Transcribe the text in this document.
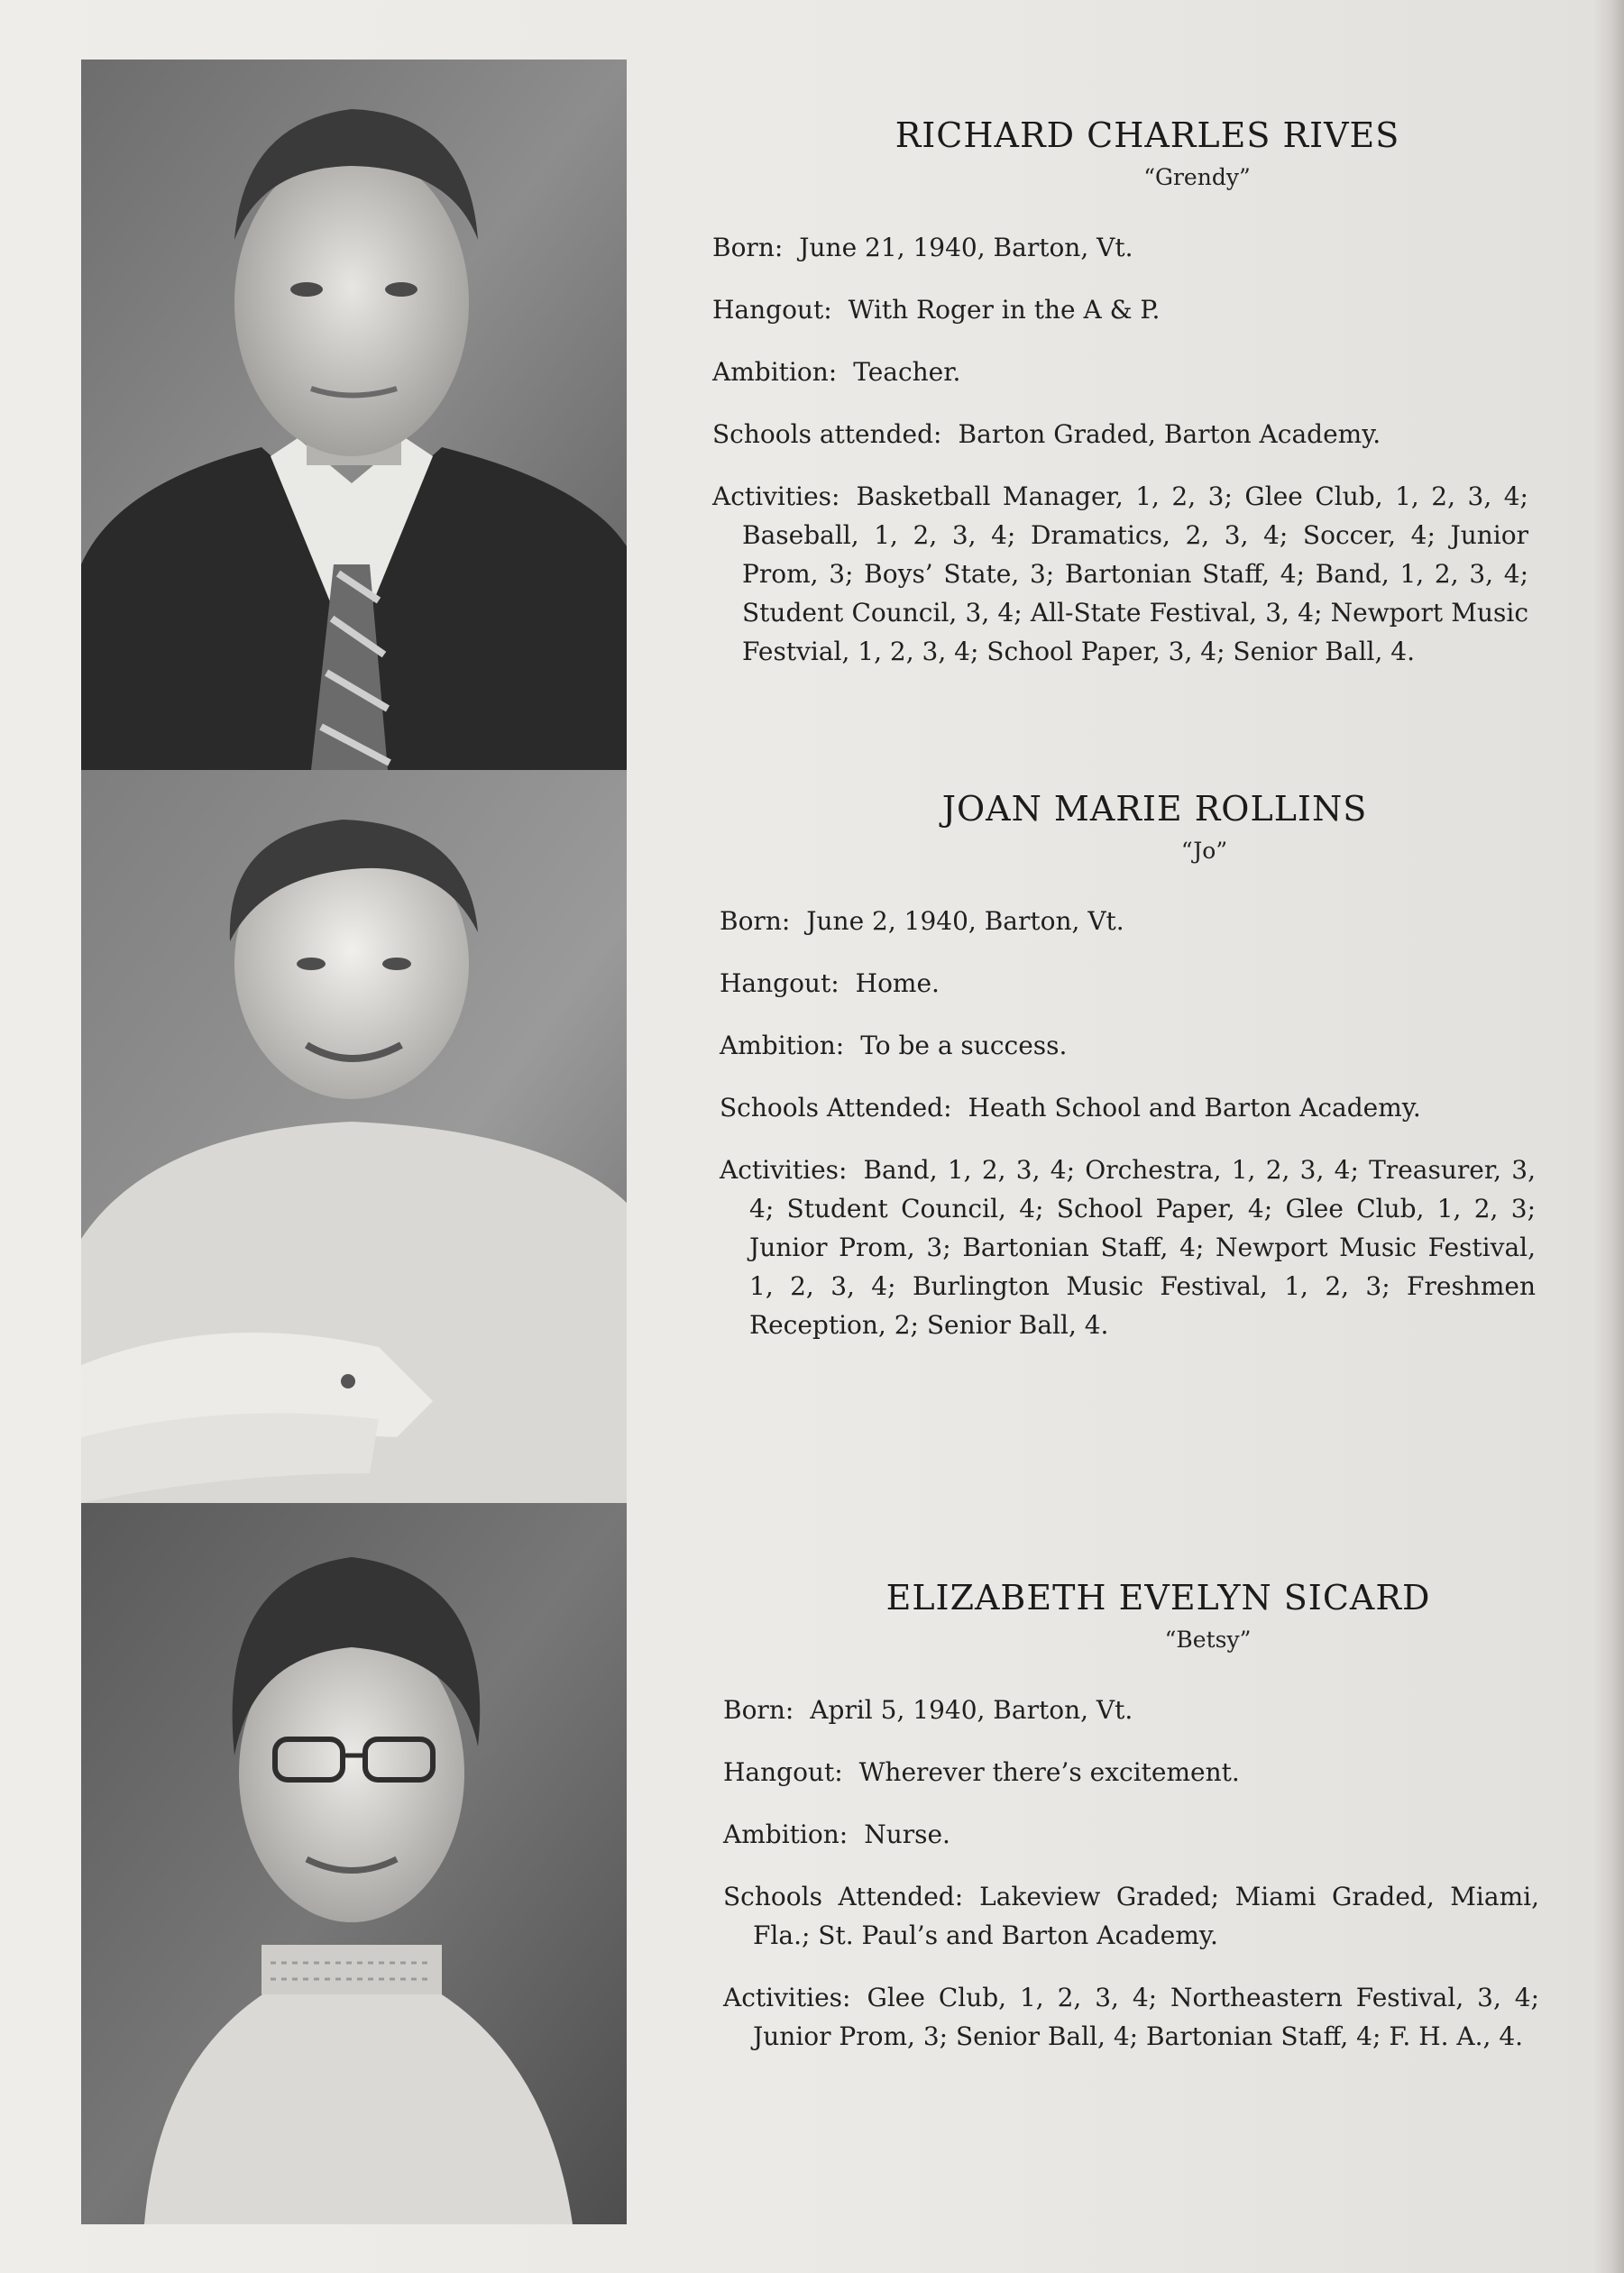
RICHARD CHARLES RIVES

“Grendy”

Born: June 21, 1940, Barton, Vt.

Hangout: With Roger in the A & P.

Ambition: Teacher.

Schools attended: Barton Graded, Barton Academy.

Activities: Basketball Manager, 1, 2, 3; Glee Club, 1, 2, 3, 4; Baseball, 1, 2, 3, 4; Dramatics, 2, 3, 4; Soccer, 4; Junior Prom, 3; Boys’ State, 3; Bartonian Staff, 4; Band, 1, 2, 3, 4; Student Council, 3, 4; All-State Festival, 3, 4; Newport Music Festvial, 1, 2, 3, 4; School Paper, 3, 4; Senior Ball, 4.

JOAN MARIE ROLLINS

“Jo”

Born: June 2, 1940, Barton, Vt.

Hangout: Home.

Ambition: To be a success.

Schools Attended: Heath School and Barton Academy.

Activities: Band, 1, 2, 3, 4; Orchestra, 1, 2, 3, 4; Treasurer, 3, 4; Student Council, 4; School Paper, 4; Glee Club, 1, 2, 3; Junior Prom, 3; Bartonian Staff, 4; Newport Music Festival, 1, 2, 3, 4; Burlington Music Festival, 1, 2, 3; Freshmen Reception, 2; Senior Ball, 4.

ELIZABETH EVELYN SICARD

“Betsy”

Born: April 5, 1940, Barton, Vt.

Hangout: Wherever there’s excitement.

Ambition: Nurse.

Schools Attended: Lakeview Graded; Miami Graded, Miami, Fla.; St. Paul’s and Barton Academy.

Activities: Glee Club, 1, 2, 3, 4; Northeastern Festival, 3, 4; Junior Prom, 3; Senior Ball, 4; Bartonian Staff, 4; F. H. A., 4.
